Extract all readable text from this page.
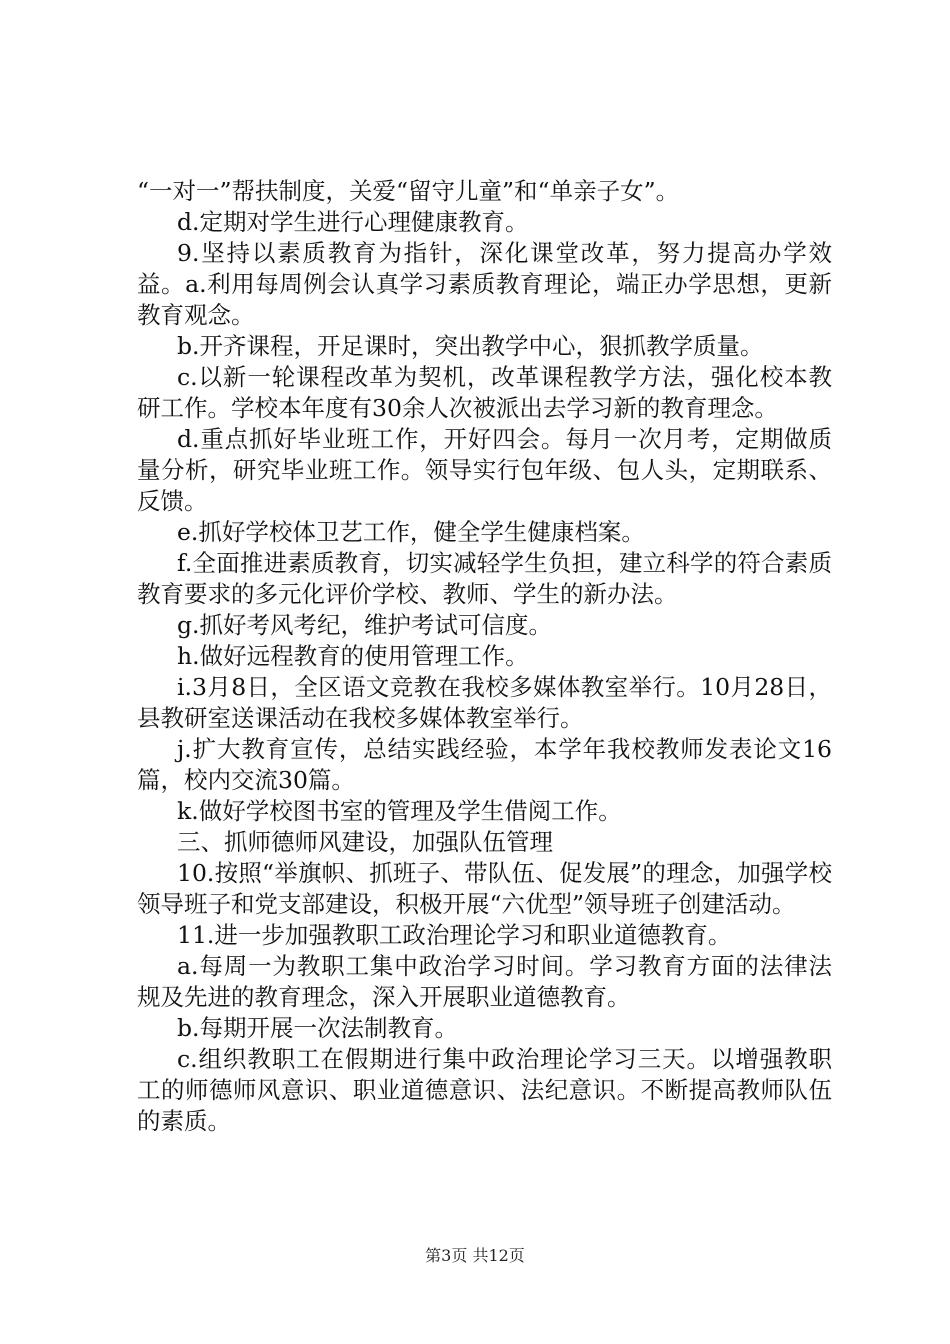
“一对一”帮扶制度，关爱“留守儿童”和“单亲子女”。

d.定期对学生进行心理健康教育。

9.坚持以素质教育为指针，深化课堂改革，努力提高办学效益。a.利用每周例会认真学习素质教育理论，端正办学思想，更新教育观念。

b.开齐课程，开足课时，突出教学中心，狠抓教学质量。

c.以新一轮课程改革为契机，改革课程教学方法，强化校本教研工作。学校本年度有30余人次被派出去学习新的教育理念。

d.重点抓好毕业班工作，开好四会。每月一次月考，定期做质量分析，研究毕业班工作。领导实行包年级、包人头，定期联系、反馈。

e.抓好学校体卫艺工作，健全学生健康档案。

f.全面推进素质教育，切实减轻学生负担，建立科学的符合素质教育要求的多元化评价学校、教师、学生的新办法。

g.抓好考风考纪，维护考试可信度。

h.做好远程教育的使用管理工作。

i.3月8日，全区语文竞教在我校多媒体教室举行。10月28日，县教研室送课活动在我校多媒体教室举行。

j.扩大教育宣传，总结实践经验，本学年我校教师发表论文16篇，校内交流30篇。

k.做好学校图书室的管理及学生借阅工作。

三、抓师德师风建设，加强队伍管理

10.按照“举旗帜、抓班子、带队伍、促发展”的理念，加强学校领导班子和党支部建设，积极开展“六优型”领导班子创建活动。

11.进一步加强教职工政治理论学习和职业道德教育。

a.每周一为教职工集中政治学习时间。学习教育方面的法律法规及先进的教育理念，深入开展职业道德教育。

b.每期开展一次法制教育。

c.组织教职工在假期进行集中政治理论学习三天。以增强教职工的师德师风意识、职业道德意识、法纪意识。不断提高教师队伍的素质。

第3页 共12页
